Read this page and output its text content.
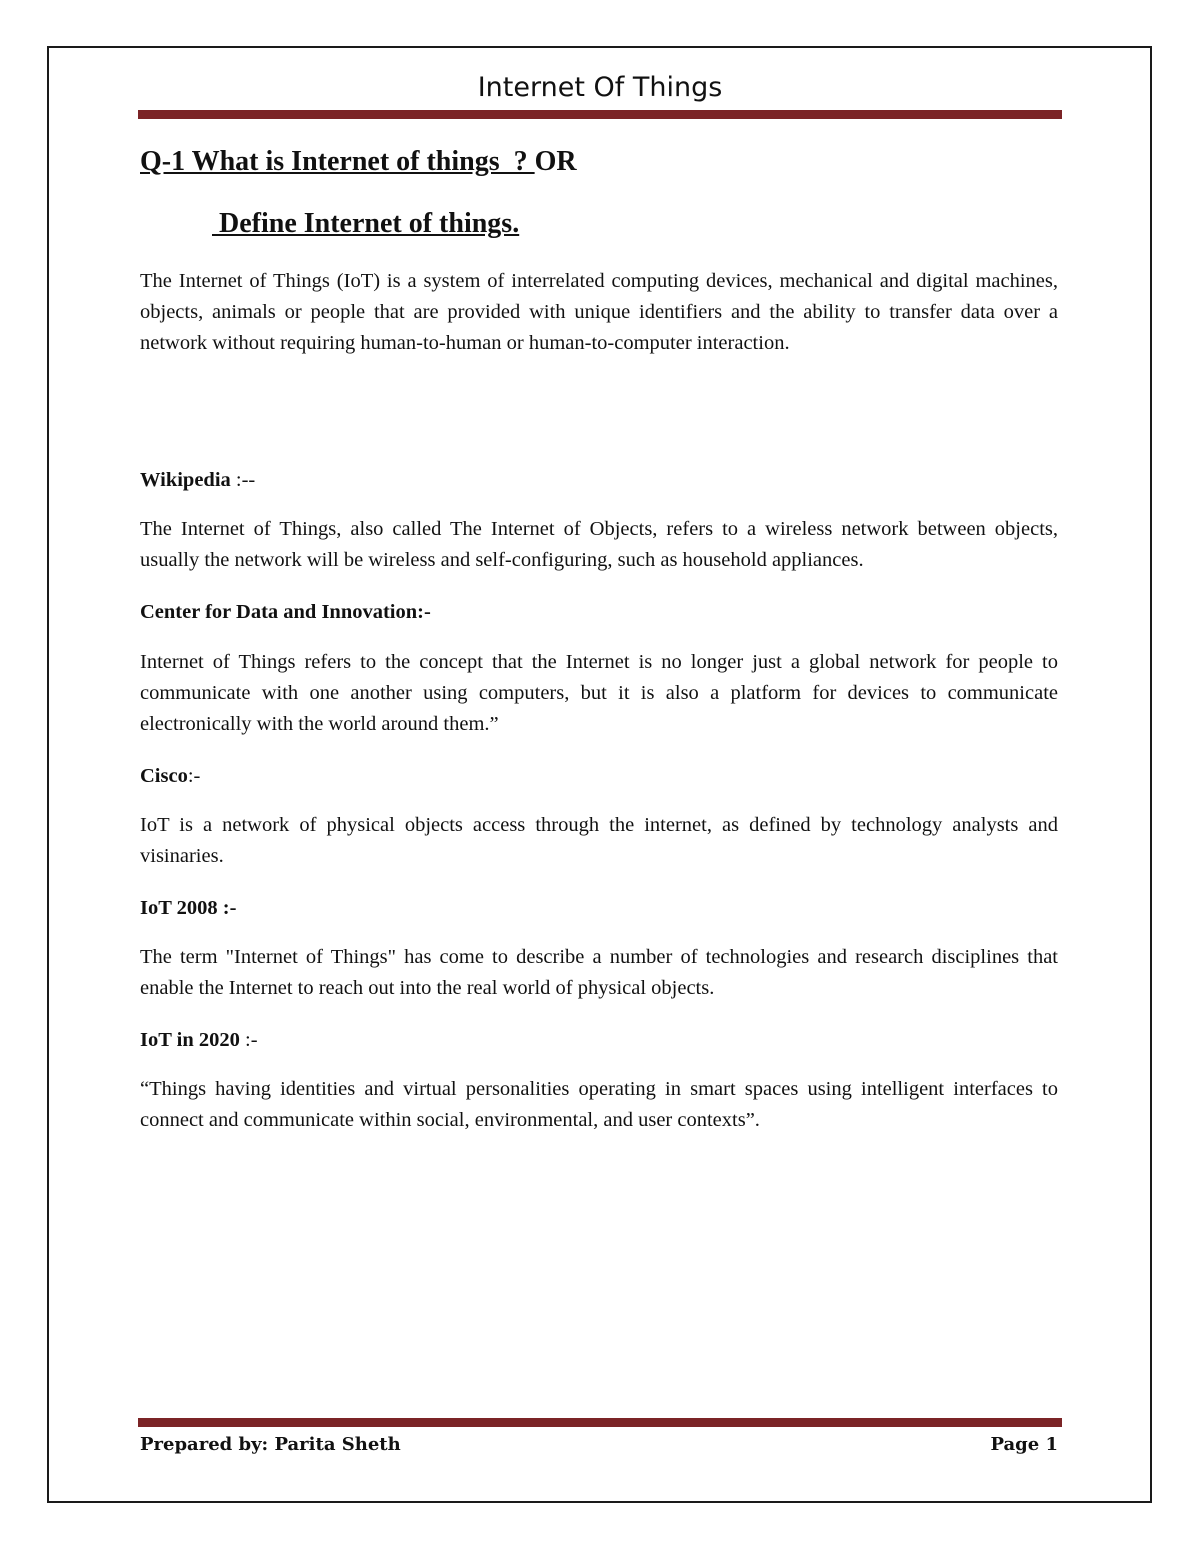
Internet Of Things
Q-1 What is Internet of things  ? OR
Define Internet of things.
The Internet of Things (IoT) is a system of interrelated computing devices, mechanical and digital machines, objects, animals or people that are provided with unique identifiers and the ability to transfer data over a network without requiring human-to-human or human-to-computer interaction.
Wikipedia :--
The Internet of Things, also called The Internet of Objects, refers to a wireless network between objects, usually the network will be wireless and self-configuring, such as household appliances.
Center for Data and Innovation:-
Internet of Things refers to the concept that the Internet is no longer just a global network for people to communicate with one another using computers, but it is also a platform for devices to communicate electronically with the world around them.”
Cisco:-
IoT is a network of physical objects access through the internet, as defined by technology analysts and visinaries.
IoT 2008 :-
The term "Internet of Things" has come to describe a number of technologies and research disciplines that enable the Internet to reach out into the real world of physical objects.
IoT in 2020 :-
“Things having identities and virtual personalities operating in smart spaces using intelligent interfaces to connect and communicate within social, environmental, and user contexts”.
Prepared by: Parita Sheth	Page 1
